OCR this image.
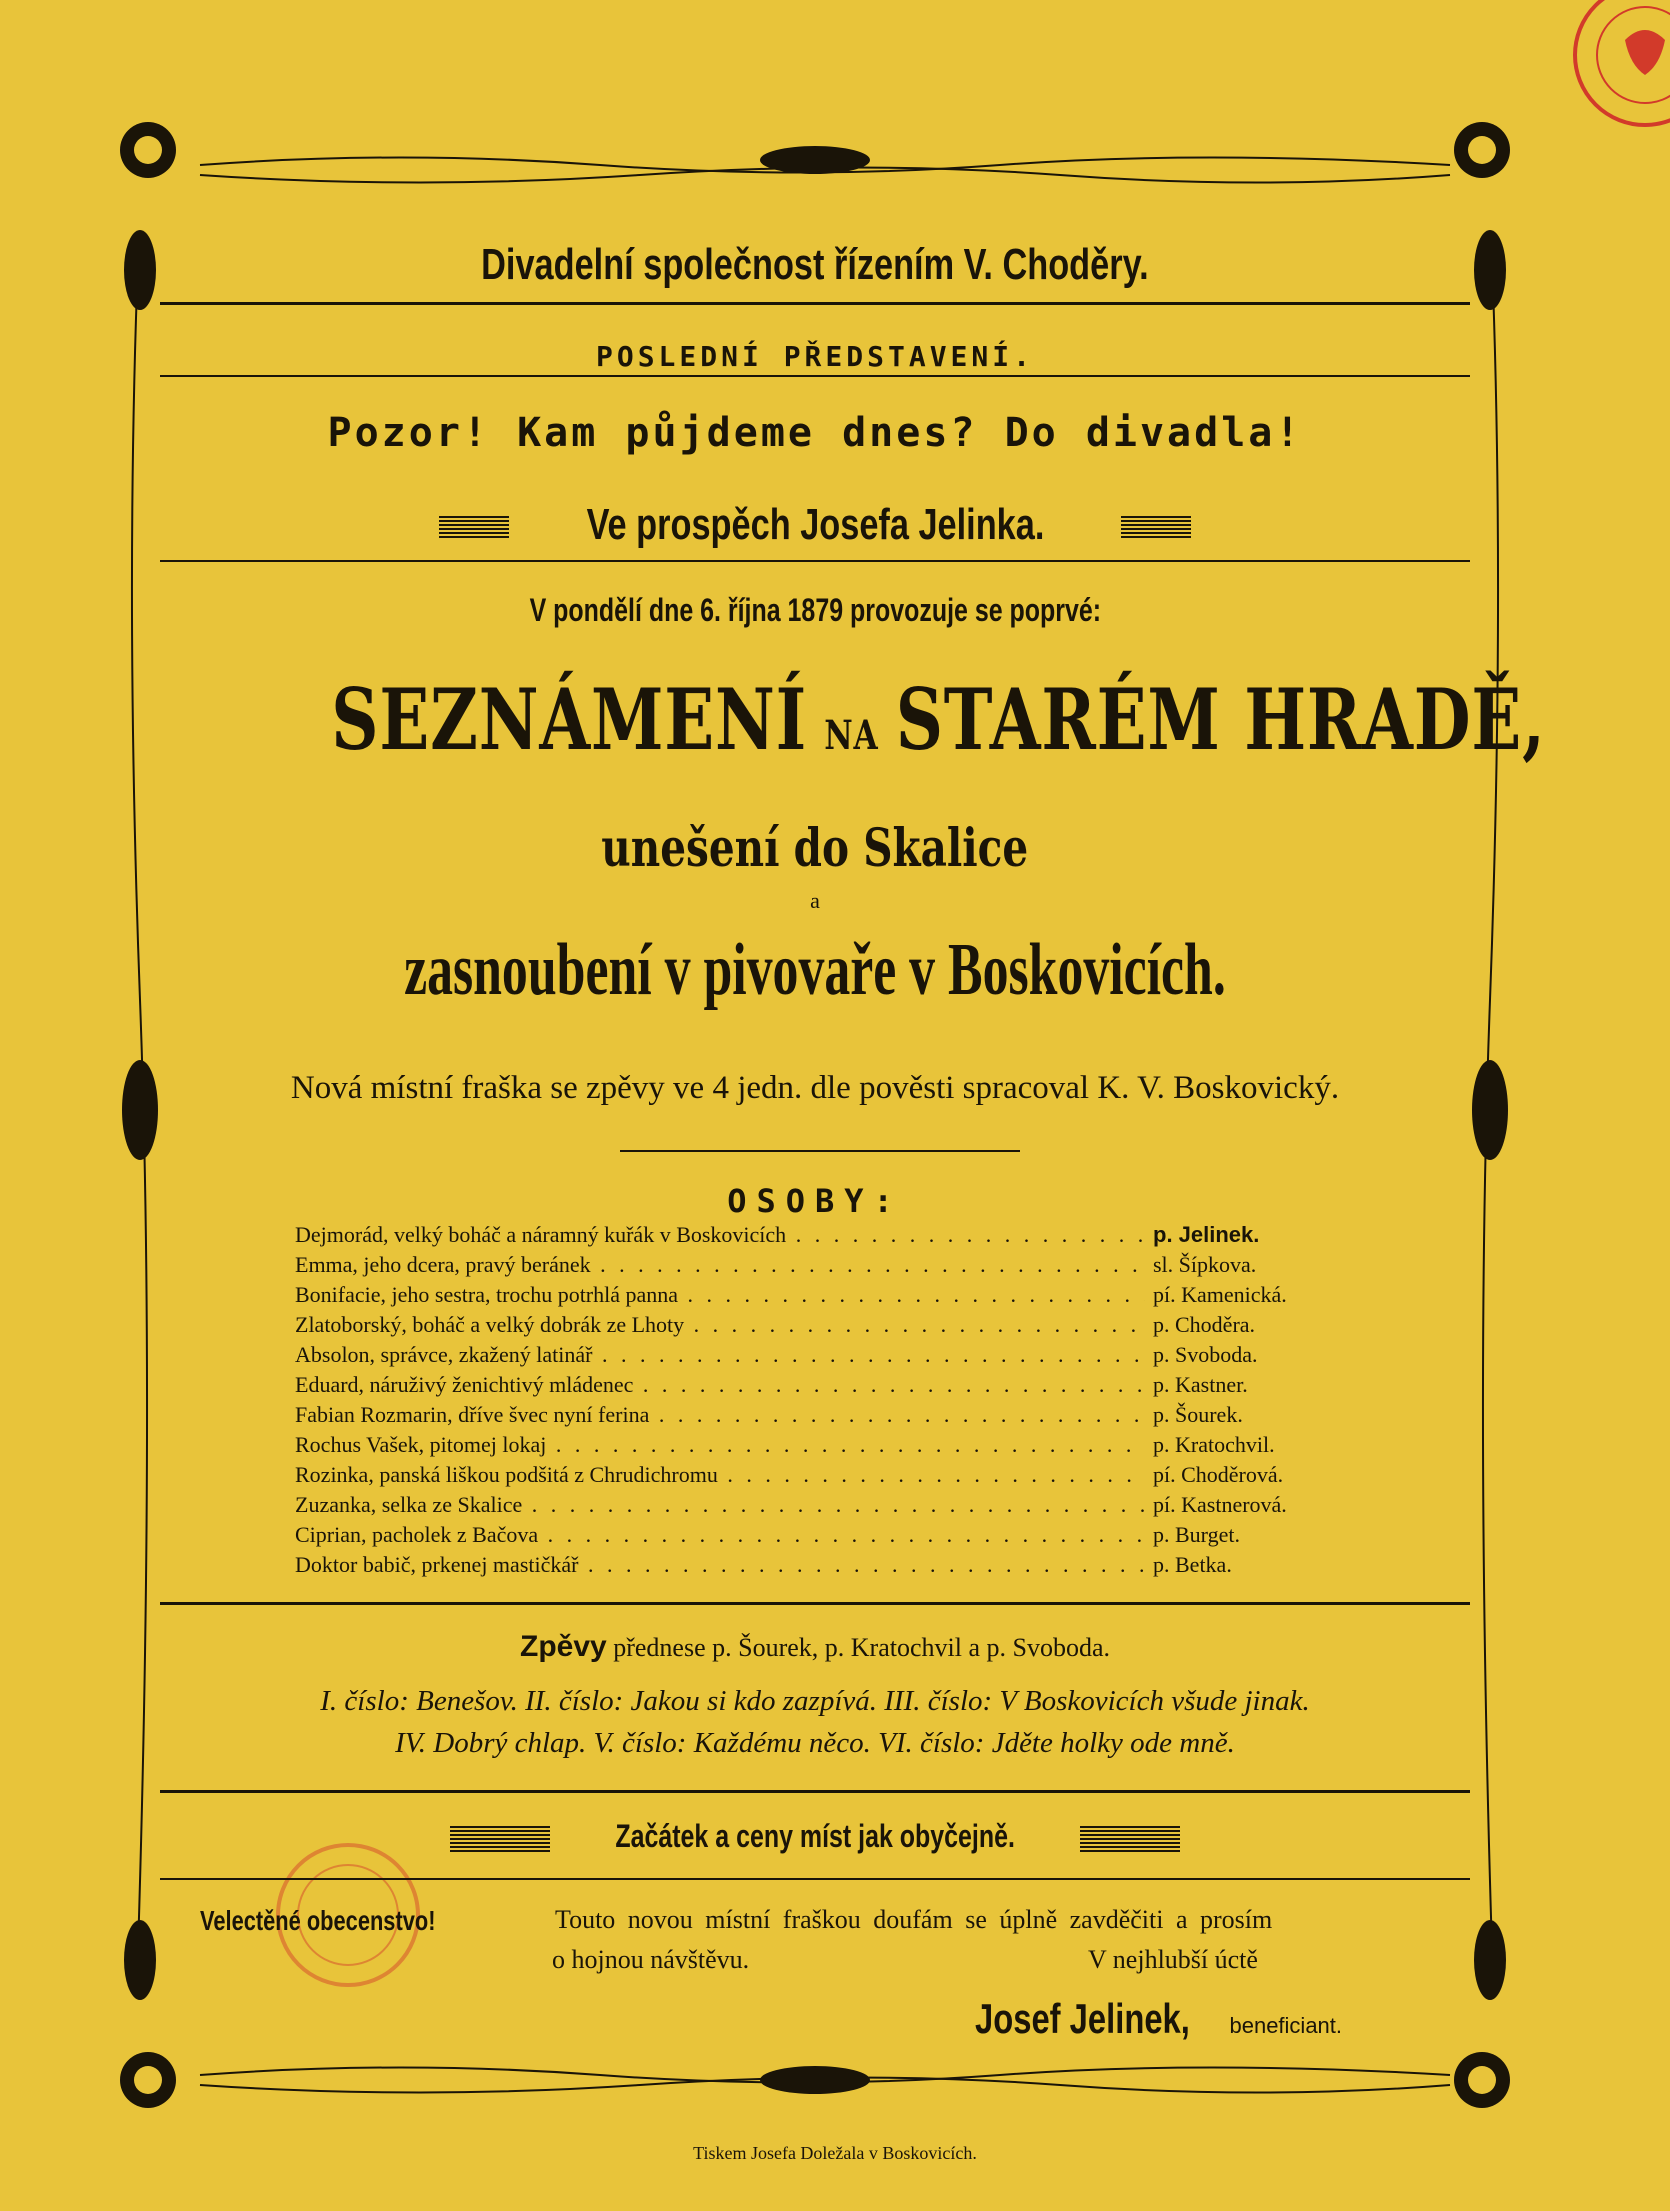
Divadelní společnost řízením V. Choděry.
POSLEDNÍ PŘEDSTAVENÍ.
Pozor! Kam půjdeme dnes? Do divadla!
Ve prospěch Josefa Jelinka.
V pondělí dne 6. října 1879 provozuje se poprvé:
SEZNÁMENÍ NA STARÉM HRADĚ,
unešení do Skalice
a
zasnoubení v pivovaře v Boskovicích.
Nová místní fraška se zpěvy ve 4 jedn. dle pověsti spracoval K. V. Boskovický.
OSOBY:
Dejmorád, velký boháč a náramný kuřák v Boskovicích . . .	p. Jelinek.
Emma, jeho dcera, pravý beránek . . .	sl. Šípkova.
Bonifacie, jeho sestra, trochu potrhlá panna . . .	pí. Kamenická.
Zlatoborský, boháč a velký dobrák ze Lhoty . . .	p. Choděra.
Absolon, správce, zkažený latinář . . .	p. Svoboda.
Eduard, náruživý ženichtivý mládenec . . .	p. Kastner.
Fabian Rozmarin, dříve švec nyní ferina . . .	p. Šourek.
Rochus Vašek, pitomej lokaj . . .	p. Kratochvil.
Rozinka, panská liškou podšitá z Chrudichromu . . .	pí. Choděrová.
Zuzanka, selka ze Skalice . . .	pí. Kastnerová.
Ciprian, pacholek z Bačova . . .	p. Burget.
Doktor babič, prkenej mastičkář . . .	p. Betka.
Zpěvy přednese p. Šourek, p. Kratochvil a p. Svoboda.
I. číslo: Benešov. II. číslo: Jakou si kdo zazpívá. III. číslo: V Boskovicích všude jinak.
IV. Dobrý chlap. V. číslo: Každému něco. VI. číslo: Jděte holky ode mně.
Začátek a ceny míst jak obyčejně.
Velectěné obecenstvo!	Touto novou místní fraškou doufám se úplně zavděčiti a prosím
o hojnou návštěvu.	V nejhlubší úctě
Josef Jelinek, beneficiant.
Tiskem Josefa Doležala v Boskovicích.
